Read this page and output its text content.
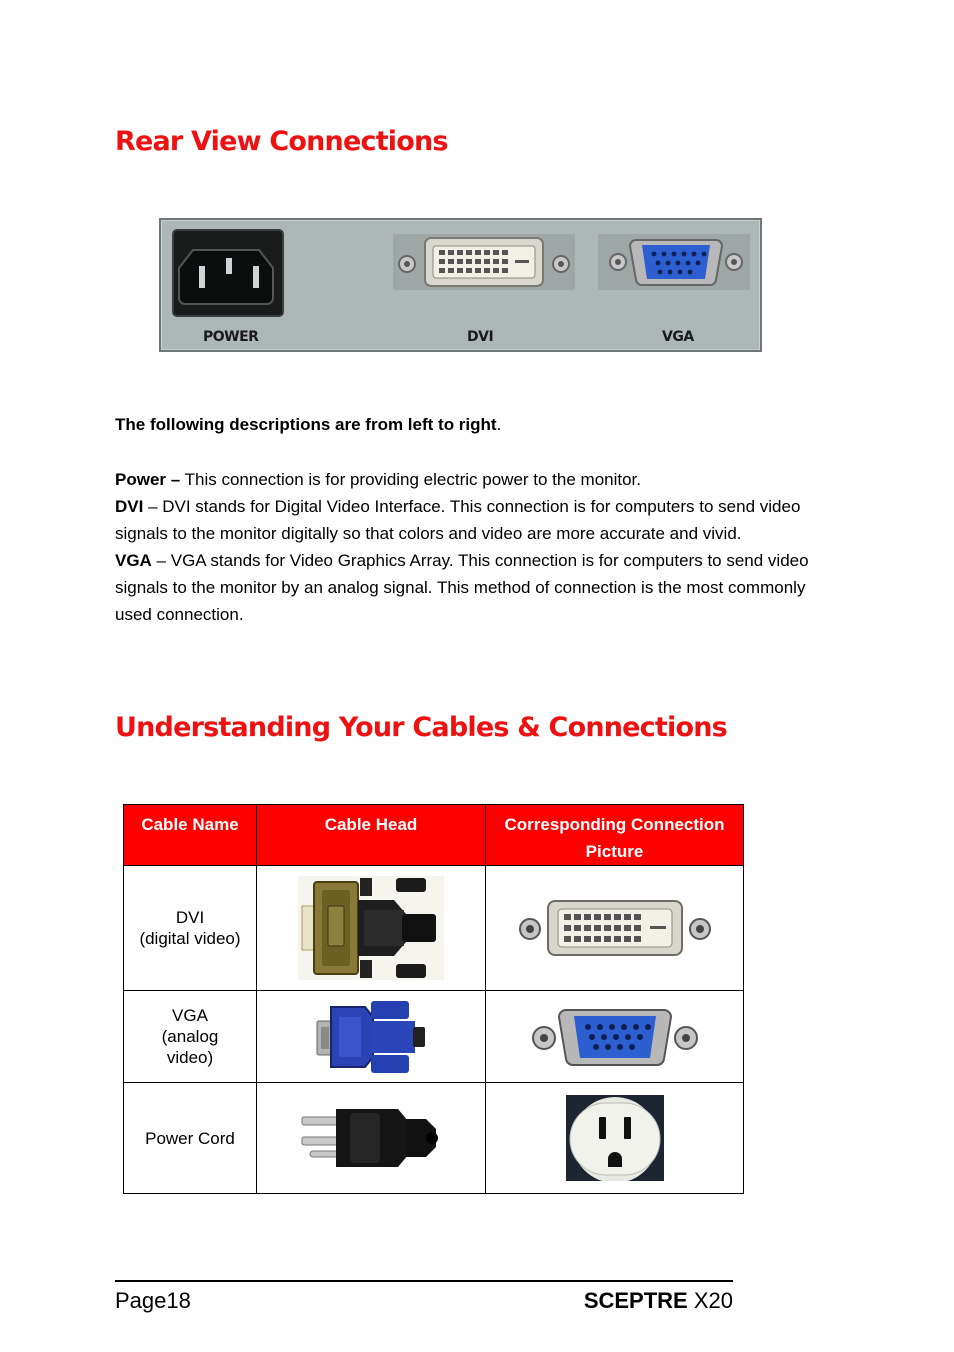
Rear View Connections
POWER	DVI	VGA

The following descriptions are from left to right.

Power – This connection is for providing electric power to the monitor.
DVI – DVI stands for Digital Video Interface. This connection is for computers to send video signals to the monitor digitally so that colors and video are more accurate and vivid.
VGA – VGA stands for Video Graphics Array. This connection is for computers to send video signals to the monitor by an analog signal. This method of connection is the most commonly used connection.

Understanding Your Cables & Connections
Cable Name	Cable Head	Corresponding Connection Picture

DVI
(digital video)

VGA
(analog
video)

Power Cord

Page18	SCEPTRE X20
